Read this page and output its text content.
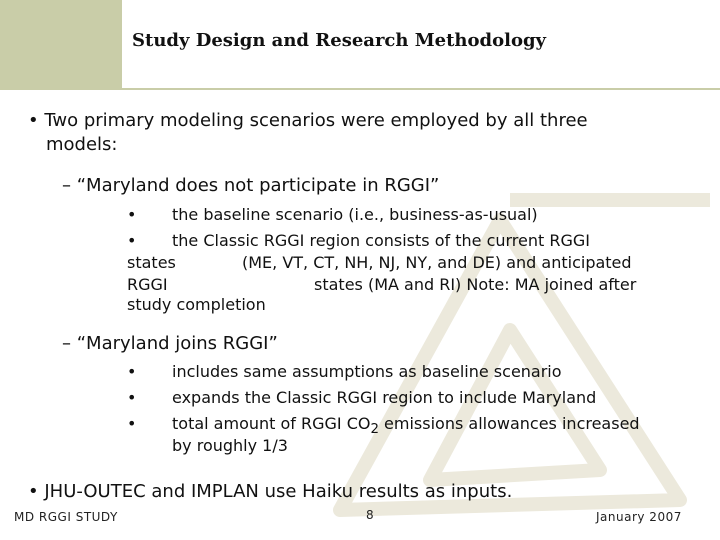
Study Design and Research Methodology
• Two primary modeling scenarios were employed by all three
models:
– “Maryland does not participate in RGGI”
• the baseline scenario (i.e., business-as-usual)
• the Classic RGGI region consists of the current RGGI
states	(ME, VT, CT, NH, NJ, NY, and DE) and anticipated
RGGI	states (MA and RI) Note: MA joined after
study completion
– “Maryland joins RGGI”
• includes same assumptions as baseline scenario
• expands the Classic RGGI region to include Maryland
• total amount of RGGI $CO_2$ emissions allowances increased
by roughly 1/3
• JHU-OUTEC and IMPLAN use Haiku results as inputs.
MD RGGI STUDY	8	January 2007
